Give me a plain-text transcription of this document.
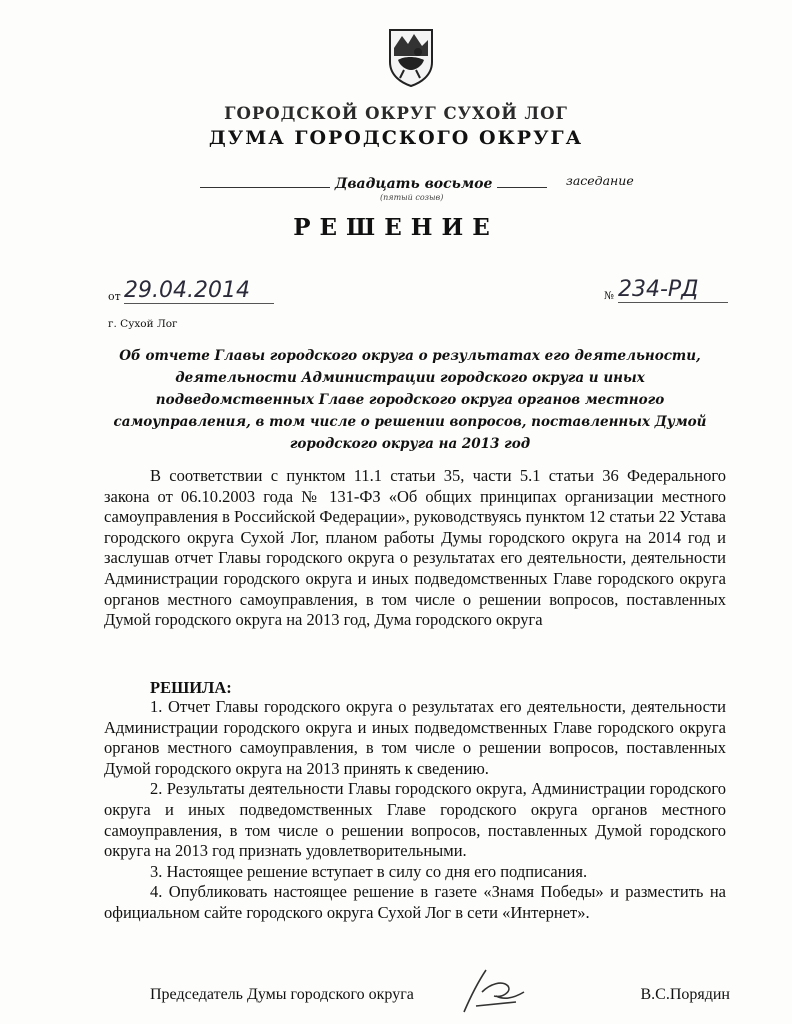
ГОРОДСКОЙ ОКРУГ СУХОЙ ЛОГ
ДУМА ГОРОДСКОГО ОКРУГА
Двадцать восьмое	заседание
(пятый созыв)
РЕШЕНИЕ
от 29.04.2014	№ 234-РД
г. Сухой Лог
Об отчете Главы городского округа о результатах его деятельности, деятельности Администрации городского округа и иных подведомственных Главе городского округа органов местного самоуправления, в том числе о решении вопросов, поставленных Думой городского округа на 2013 год
В соответствии с пунктом 11.1 статьи 35, части 5.1 статьи 36 Федерального закона от 06.10.2003 года № 131-ФЗ «Об общих принципах организации местного самоуправления в Российской Федерации», руководствуясь пунктом 12 статьи 22 Устава городского округа Сухой Лог, планом работы Думы городского округа на 2014 год и заслушав отчет Главы городского округа о результатах его деятельности, деятельности Администрации городского округа и иных подведомственных Главе городского округа органов местного самоуправления, в том числе о решении вопросов, поставленных Думой городского округа на 2013 год, Дума городского округа
РЕШИЛА:

1. Отчет Главы городского округа о результатах его деятельности, деятельности Администрации городского округа и иных подведомственных Главе городского округа органов местного самоуправления, в том числе о решении вопросов, поставленных Думой городского округа на 2013 принять к сведению.

2. Результаты деятельности Главы городского округа, Администрации городского округа и иных подведомственных Главе городского округа органов местного самоуправления, в том числе о решении вопросов, поставленных Думой городского округа на 2013 год признать удовлетворительными.

3. Настоящее решение вступает в силу со дня его подписания.

4. Опубликовать настоящее решение в газете «Знамя Победы» и разместить на официальном сайте городского округа Сухой Лог в сети «Интернет».

Председатель Думы городского округа	В.С.Порядин
